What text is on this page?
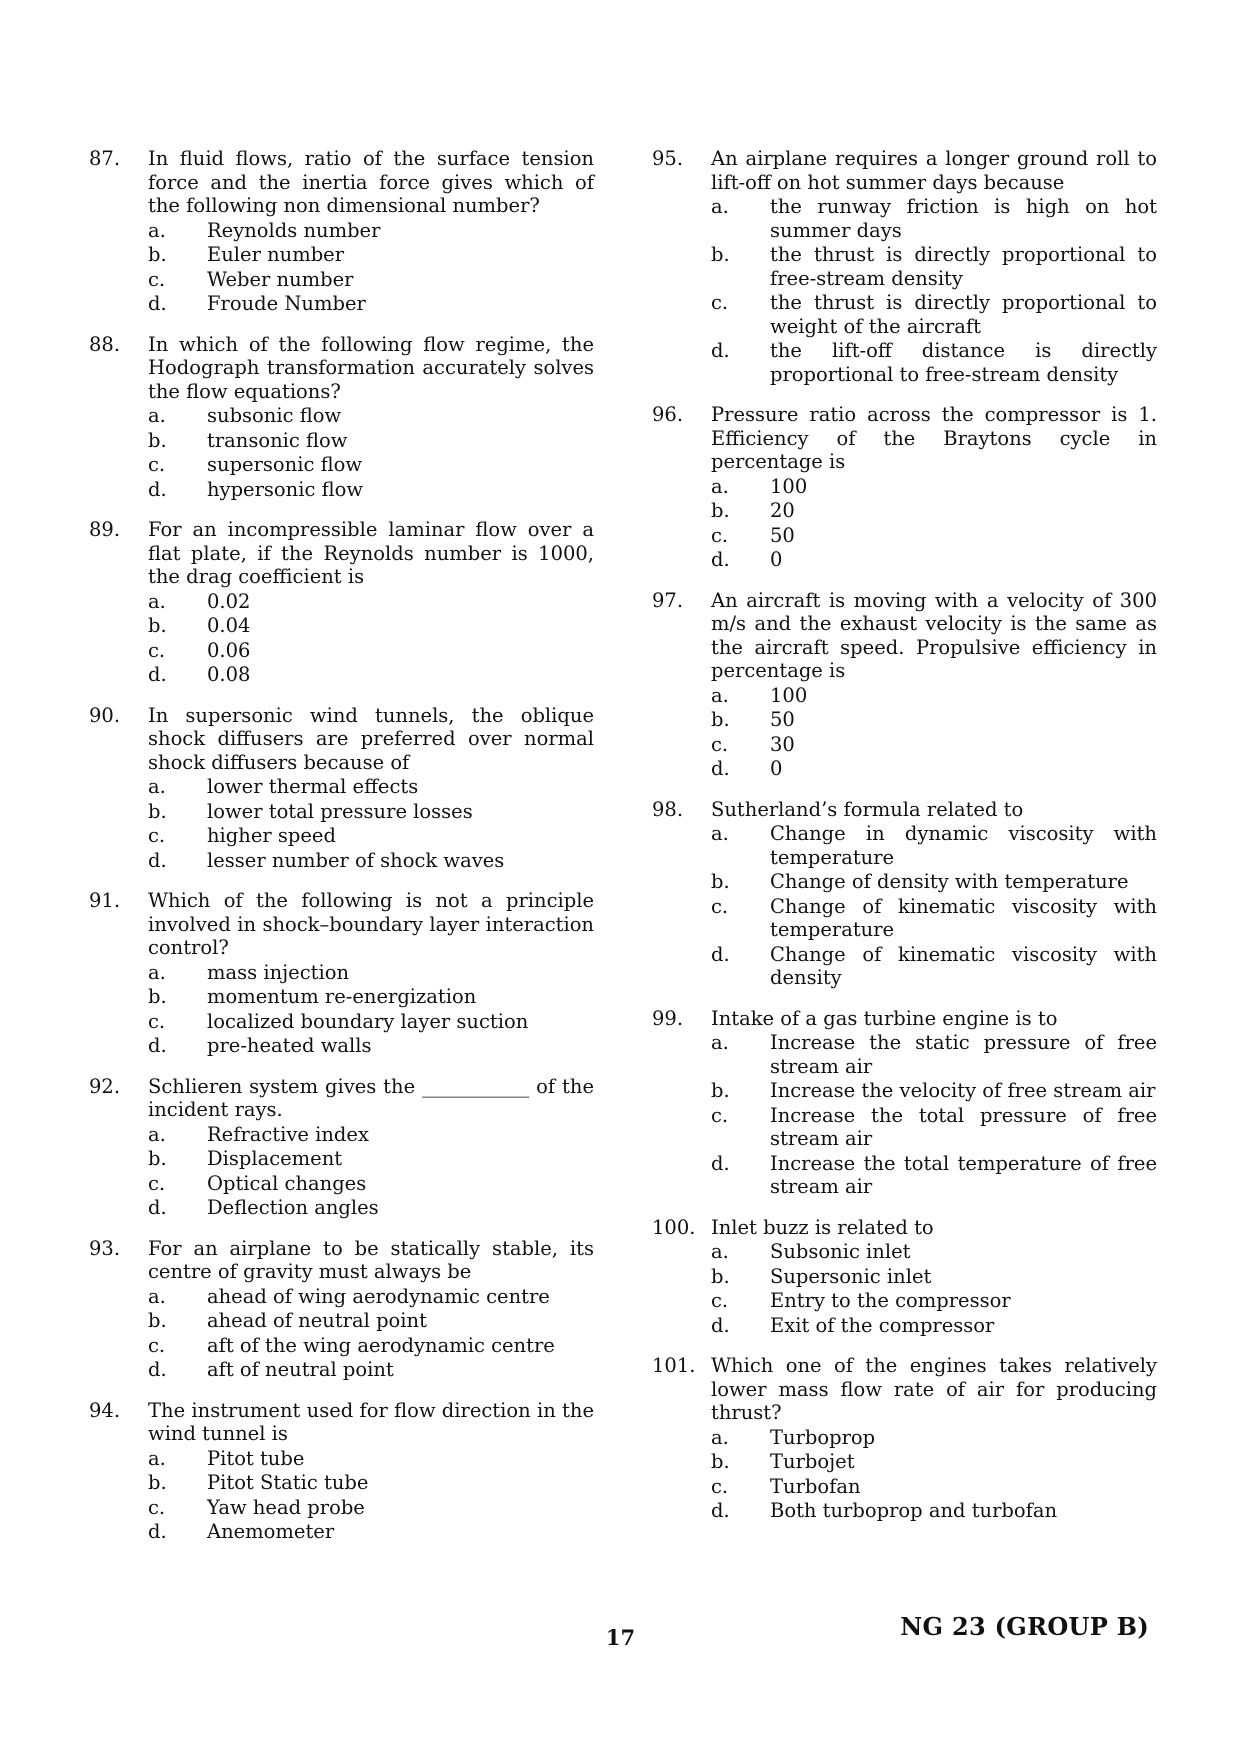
87.	In fluid flows, ratio of the surface tension force and the inertia force gives which of the following non dimensional number?
a.	Reynolds number
b.	Euler number
c.	Weber number
d.	Froude Number
88.	In which of the following flow regime, the Hodograph transformation accurately solves the flow equations?
a.	subsonic flow
b.	transonic flow
c.	supersonic flow
d.	hypersonic flow
89.	For an incompressible laminar flow over a flat plate, if the Reynolds number is 1000, the drag coefficient is
a.	0.02
b.	0.04
c.	0.06
d.	0.08
90.	In supersonic wind tunnels, the oblique shock diffusers are preferred over normal shock diffusers because of
a.	lower thermal effects
b.	lower total pressure losses
c.	higher speed
d.	lesser number of shock waves
91.	Which of the following is not a principle involved in shock–boundary layer interaction control?
a.	mass injection
b.	momentum re-energization
c.	localized boundary layer suction
d.	pre-heated walls
92.	Schlieren system gives the ___________ of the incident rays.
a.	Refractive index
b.	Displacement
c.	Optical changes
d.	Deflection angles
93.	For an airplane to be statically stable, its centre of gravity must always be
a.	ahead of wing aerodynamic centre
b.	ahead of neutral point
c.	aft of the wing aerodynamic centre
d.	aft of neutral point
94.	The instrument used for flow direction in the wind tunnel is
a.	Pitot tube
b.	Pitot Static tube
c.	Yaw head probe
d.	Anemometer
95.	An airplane requires a longer ground roll to lift-off on hot summer days because
a.	the runway friction is high on hot summer days
b.	the thrust is directly proportional to free-stream density
c.	the thrust is directly proportional to weight of the aircraft
d.	the lift-off distance is directly proportional to free-stream density
96.	Pressure ratio across the compressor is 1. Efficiency of the Braytons cycle in percentage is
a.	100
b.	20
c.	50
d.	0
97.	An aircraft is moving with a velocity of 300 m/s and the exhaust velocity is the same as the aircraft speed. Propulsive efficiency in percentage is
a.	100
b.	50
c.	30
d.	0
98.	Sutherland’s formula related to
a.	Change in dynamic viscosity with temperature
b.	Change of density with temperature
c.	Change of kinematic viscosity with temperature
d.	Change of kinematic viscosity with density
99.	Intake of a gas turbine engine is to
a.	Increase the static pressure of free stream air
b.	Increase the velocity of free stream air
c.	Increase the total pressure of free stream air
d.	Increase the total temperature of free stream air
100. Inlet buzz is related to
a.	Subsonic inlet
b.	Supersonic inlet
c.	Entry to the compressor
d.	Exit of the compressor
101. Which one of the engines takes relatively lower mass flow rate of air for producing thrust?
a.	Turboprop
b.	Turbojet
c.	Turbofan
d.	Both turboprop and turbofan
17	NG 23 (GROUP B)
